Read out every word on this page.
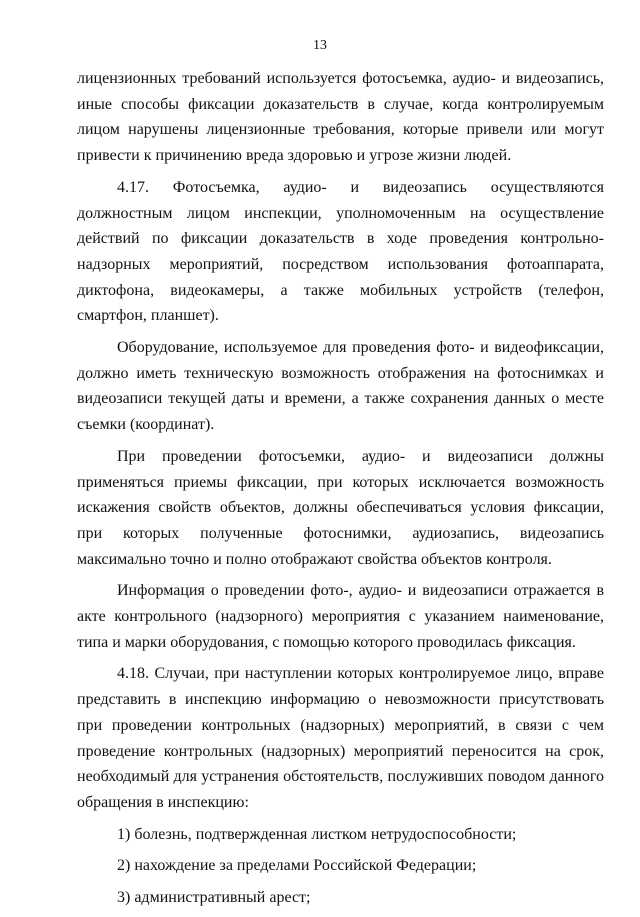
13

лицензионных требований используется фотосъемка, аудио- и видеозапись, иные способы фиксации доказательств в случае, когда контролируемым лицом нарушены лицензионные требования, которые привели или могут привести к причинению вреда здоровью и угрозе жизни людей.

4.17. Фотосъемка, аудио- и видеозапись осуществляются должностным лицом инспекции, уполномоченным на осуществление действий по фиксации доказательств в ходе проведения контрольно-надзорных мероприятий, посредством использования фотоаппарата, диктофона, видеокамеры, а также мобильных устройств (телефон, смартфон, планшет).

Оборудование, используемое для проведения фото- и видеофиксации, должно иметь техническую возможность отображения на фотоснимках и видеозаписи текущей даты и времени, а также сохранения данных о месте съемки (координат).

При проведении фотосъемки, аудио- и видеозаписи должны применяться приемы фиксации, при которых исключается возможность искажения свойств объектов, должны обеспечиваться условия фиксации, при которых полученные фотоснимки, аудиозапись, видеозапись максимально точно и полно отображают свойства объектов контроля.

Информация о проведении фото-, аудио- и видеозаписи отражается в акте контрольного (надзорного) мероприятия с указанием наименование, типа и марки оборудования, с помощью которого проводилась фиксация.

4.18. Случаи, при наступлении которых контролируемое лицо, вправе представить в инспекцию информацию о невозможности присутствовать при проведении контрольных (надзорных) мероприятий, в связи с чем проведение контрольных (надзорных) мероприятий переносится на срок, необходимый для устранения обстоятельств, послуживших поводом данного обращения в инспекцию:

1) болезнь, подтвержденная листком нетрудоспособности;

2) нахождение за пределами Российской Федерации;

3) административный арест;
